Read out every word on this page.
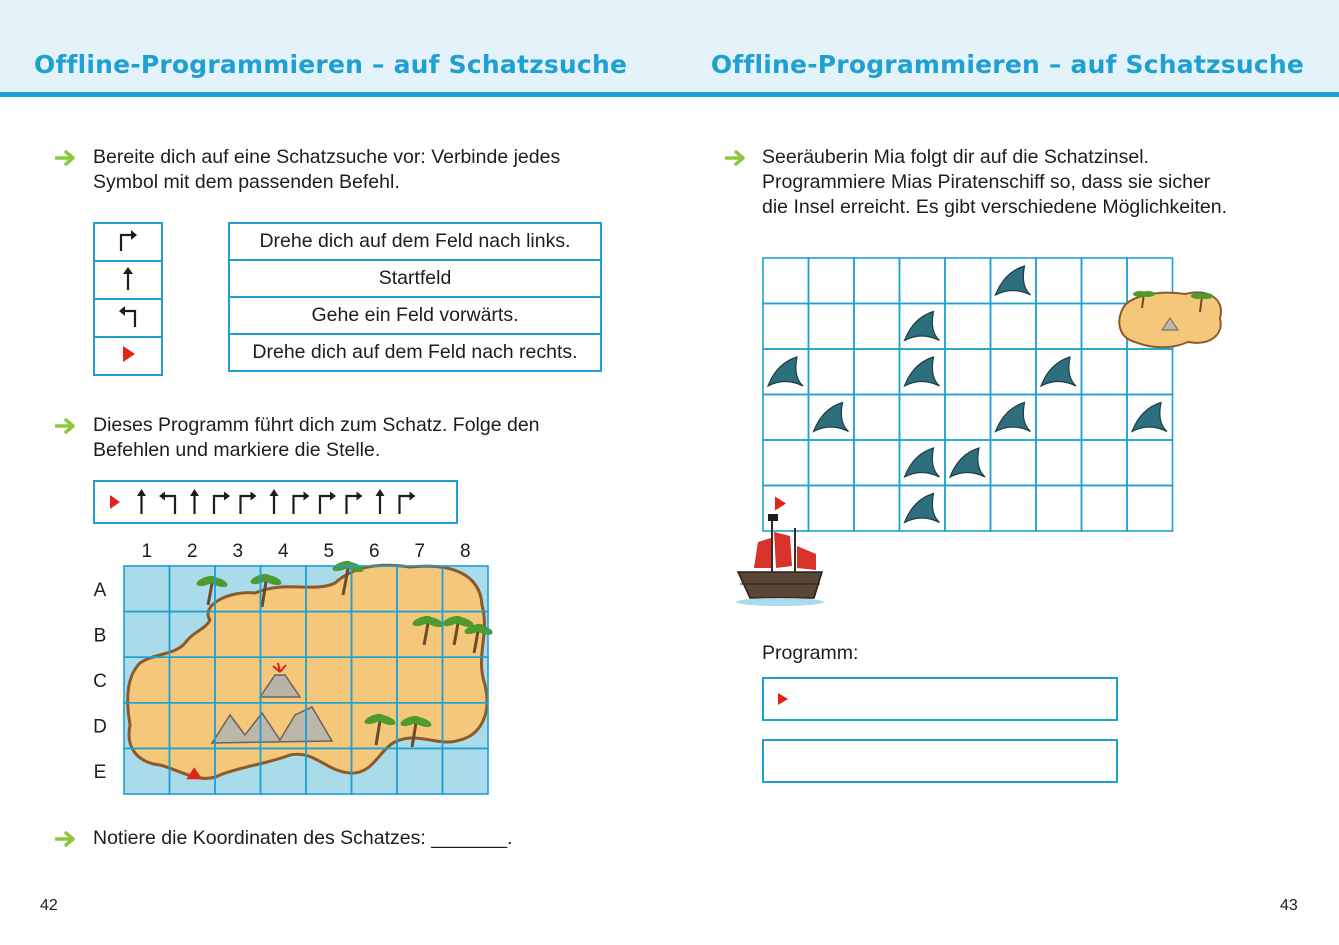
Offline-Programmieren – auf Schatzsuche	Offline-Programmieren – auf Schatzsuche
Bereite dich auf eine Schatzsuche vor: Verbinde jedes
Symbol mit dem passenden Befehl.

Drehe dich auf dem Feld nach links.
Startfeld
Gehe ein Feld vorwärts.
Drehe dich auf dem Feld nach rechts.
Dieses Programm führt dich zum Schatz. Folge den
Befehlen und markiere die Stelle.
1 2 3 4 5 6 7 8
A
B
C
D
E
Notiere die Koordinaten des Schatzes: _______.
42
Seeräuberin Mia folgt dir auf die Schatzinsel.
Programmiere Mias Piratenschiff so, dass sie sicher
die Insel erreicht. Es gibt verschiedene Möglichkeiten.
Programm:
43
